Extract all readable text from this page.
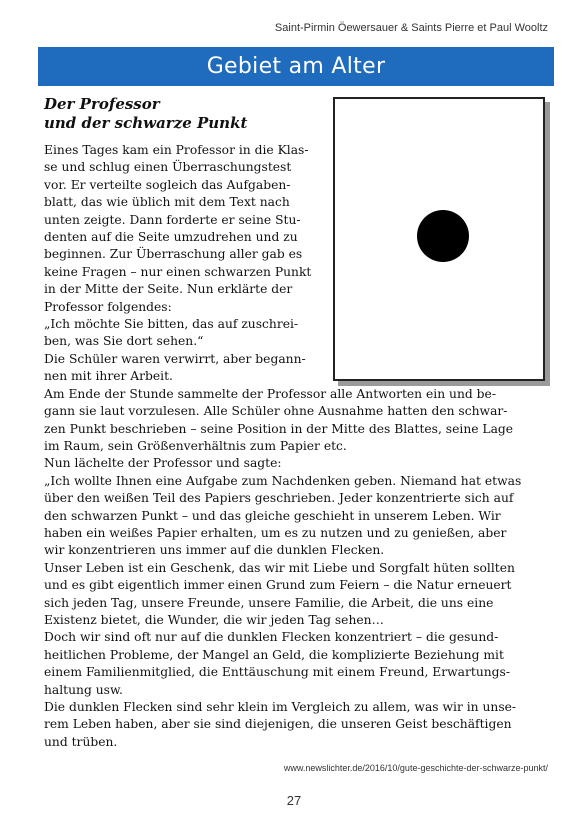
Saint-Pirmin Öewersauer & Saints Pierre et Paul Wooltz
Gebiet am Alter
Der Professor
und der schwarze Punkt
Eines Tages kam ein Professor in die Klas-
se und schlug einen Überraschungstest
vor. Er verteilte sogleich das Aufgaben-
blatt, das wie üblich mit dem Text nach
unten zeigte. Dann forderte er seine Stu-
denten auf die Seite umzudrehen und zu
beginnen. Zur Überraschung aller gab es
keine Fragen – nur einen schwarzen Punkt
in der Mitte der Seite. Nun erklärte der
Professor folgendes:
„Ich möchte Sie bitten, das auf zuschrei-
ben, was Sie dort sehen.“
Die Schüler waren verwirrt, aber begann-
nen mit ihrer Arbeit.
Am Ende der Stunde sammelte der Professor alle Antworten ein und be-
gann sie laut vorzulesen. Alle Schüler ohne Ausnahme hatten den schwar-
zen Punkt beschrieben – seine Position in der Mitte des Blattes, seine Lage
im Raum, sein Größenverhältnis zum Papier etc.
Nun lächelte der Professor und sagte:
„Ich wollte Ihnen eine Aufgabe zum Nachdenken geben. Niemand hat etwas
über den weißen Teil des Papiers geschrieben. Jeder konzentrierte sich auf
den schwarzen Punkt – und das gleiche geschieht in unserem Leben. Wir
haben ein weißes Papier erhalten, um es zu nutzen und zu genießen, aber
wir konzentrieren uns immer auf die dunklen Flecken.
Unser Leben ist ein Geschenk, das wir mit Liebe und Sorgfalt hüten sollten
und es gibt eigentlich immer einen Grund zum Feiern – die Natur erneuert
sich jeden Tag, unsere Freunde, unsere Familie, die Arbeit, die uns eine
Existenz bietet, die Wunder, die wir jeden Tag sehen…
Doch wir sind oft nur auf die dunklen Flecken konzentriert – die gesund-
heitlichen Probleme, der Mangel an Geld, die komplizierte Beziehung mit
einem Familienmitglied, die Enttäuschung mit einem Freund, Erwartungs-
haltung usw.
Die dunklen Flecken sind sehr klein im Vergleich zu allem, was wir in unse-
rem Leben haben, aber sie sind diejenigen, die unseren Geist beschäftigen
und trüben.
www.newslichter.de/2016/10/gute-geschichte-der-schwarze-punkt/
27
